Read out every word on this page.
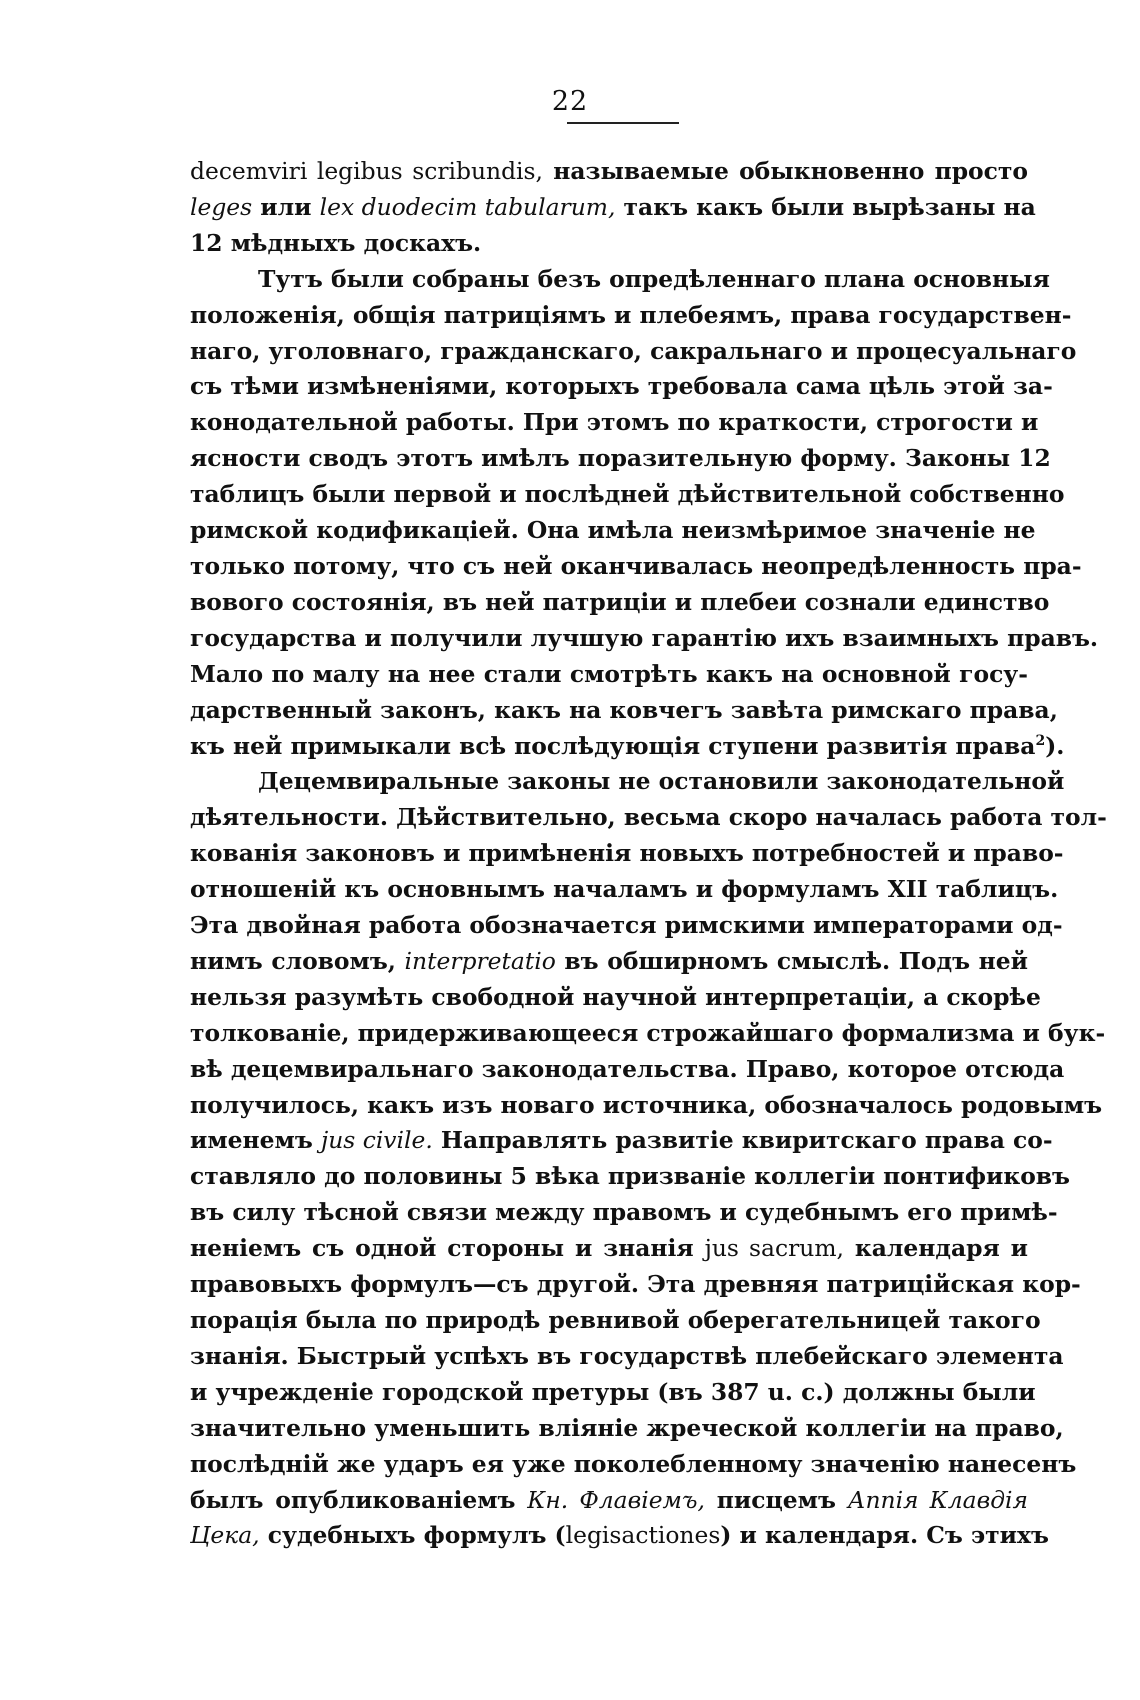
22
decemviri legibus scribundis, называемые обыкновенно просто
leges или lex duodecim tabularum, такъ какъ были вырѣзаны на
12 мѣдныхъ доскахъ.
Тутъ были собраны безъ опредѣленнаго плана основныя
положенія, общія патриціямъ и плебеямъ, права государствен-
наго, уголовнаго, гражданскаго, сакральнаго и процесуальнаго
съ тѣми измѣненіями, которыхъ требовала сама цѣль этой за-
конодательной работы. При этомъ по краткости, строгости и
ясности сводъ этотъ имѣлъ поразительную форму. Законы 12
таблицъ были первой и послѣдней дѣйствительной собственно
римской кодификаціей. Она имѣла неизмѣримое значеніе не
только потому, что съ ней оканчивалась неопредѣленность пра-
вового состоянія, въ ней патриціи и плебеи сознали единство
государства и получили лучшую гарантію ихъ взаимныхъ правъ.
Мало по малу на нее стали смотрѣть какъ на основной госу-
дарственный законъ, какъ на ковчегъ завѣта римскаго права,
къ ней примыкали всѣ послѣдующія ступени развитія права$^2$).
Децемвиральные законы не остановили законодательной
дѣятельности. Дѣйствительно, весьма скоро началась работа тол-
кованія законовъ и примѣненія новыхъ потребностей и право-
отношеній къ основнымъ началамъ и формуламъ XII таблицъ.
Эта двойная работа обозначается римскими императорами од-
нимъ словомъ, interpretatio въ обширномъ смыслѣ. Подъ ней
нельзя разумѣть свободной научной интерпретаціи, а скорѣе
толкованіе, придерживающееся строжайшаго формализма и бук-
вѣ децемвиральнаго законодательства. Право, которое отсюда
получилось, какъ изъ новаго источника, обозначалось родовымъ
именемъ jus civile. Направлять развитіе квиритскаго права со-
ставляло до половины 5 вѣка призваніе коллегіи понтификовъ
въ силу тѣсной связи между правомъ и судебнымъ его примѣ-
неніемъ съ одной стороны и знанія jus sacrum, календаря и
правовыхъ формулъ—съ другой. Эта древняя патриційская кор-
порація была по природѣ ревнивой оберегательницей такого
знанія. Быстрый успѣхъ въ государствѣ плебейскаго элемента
и учрежденіе городской претуры (въ 387 u. c.) должны были
значительно уменьшить вліяніе жреческой коллегіи на право,
послѣдній же ударъ ея уже поколебленному значенію нанесенъ
былъ опубликованіемъ Кн. Флавіемъ, писцемъ Аппія Клавдія
Цека, судебныхъ формулъ (legisactiones) и календаря. Съ этихъ
